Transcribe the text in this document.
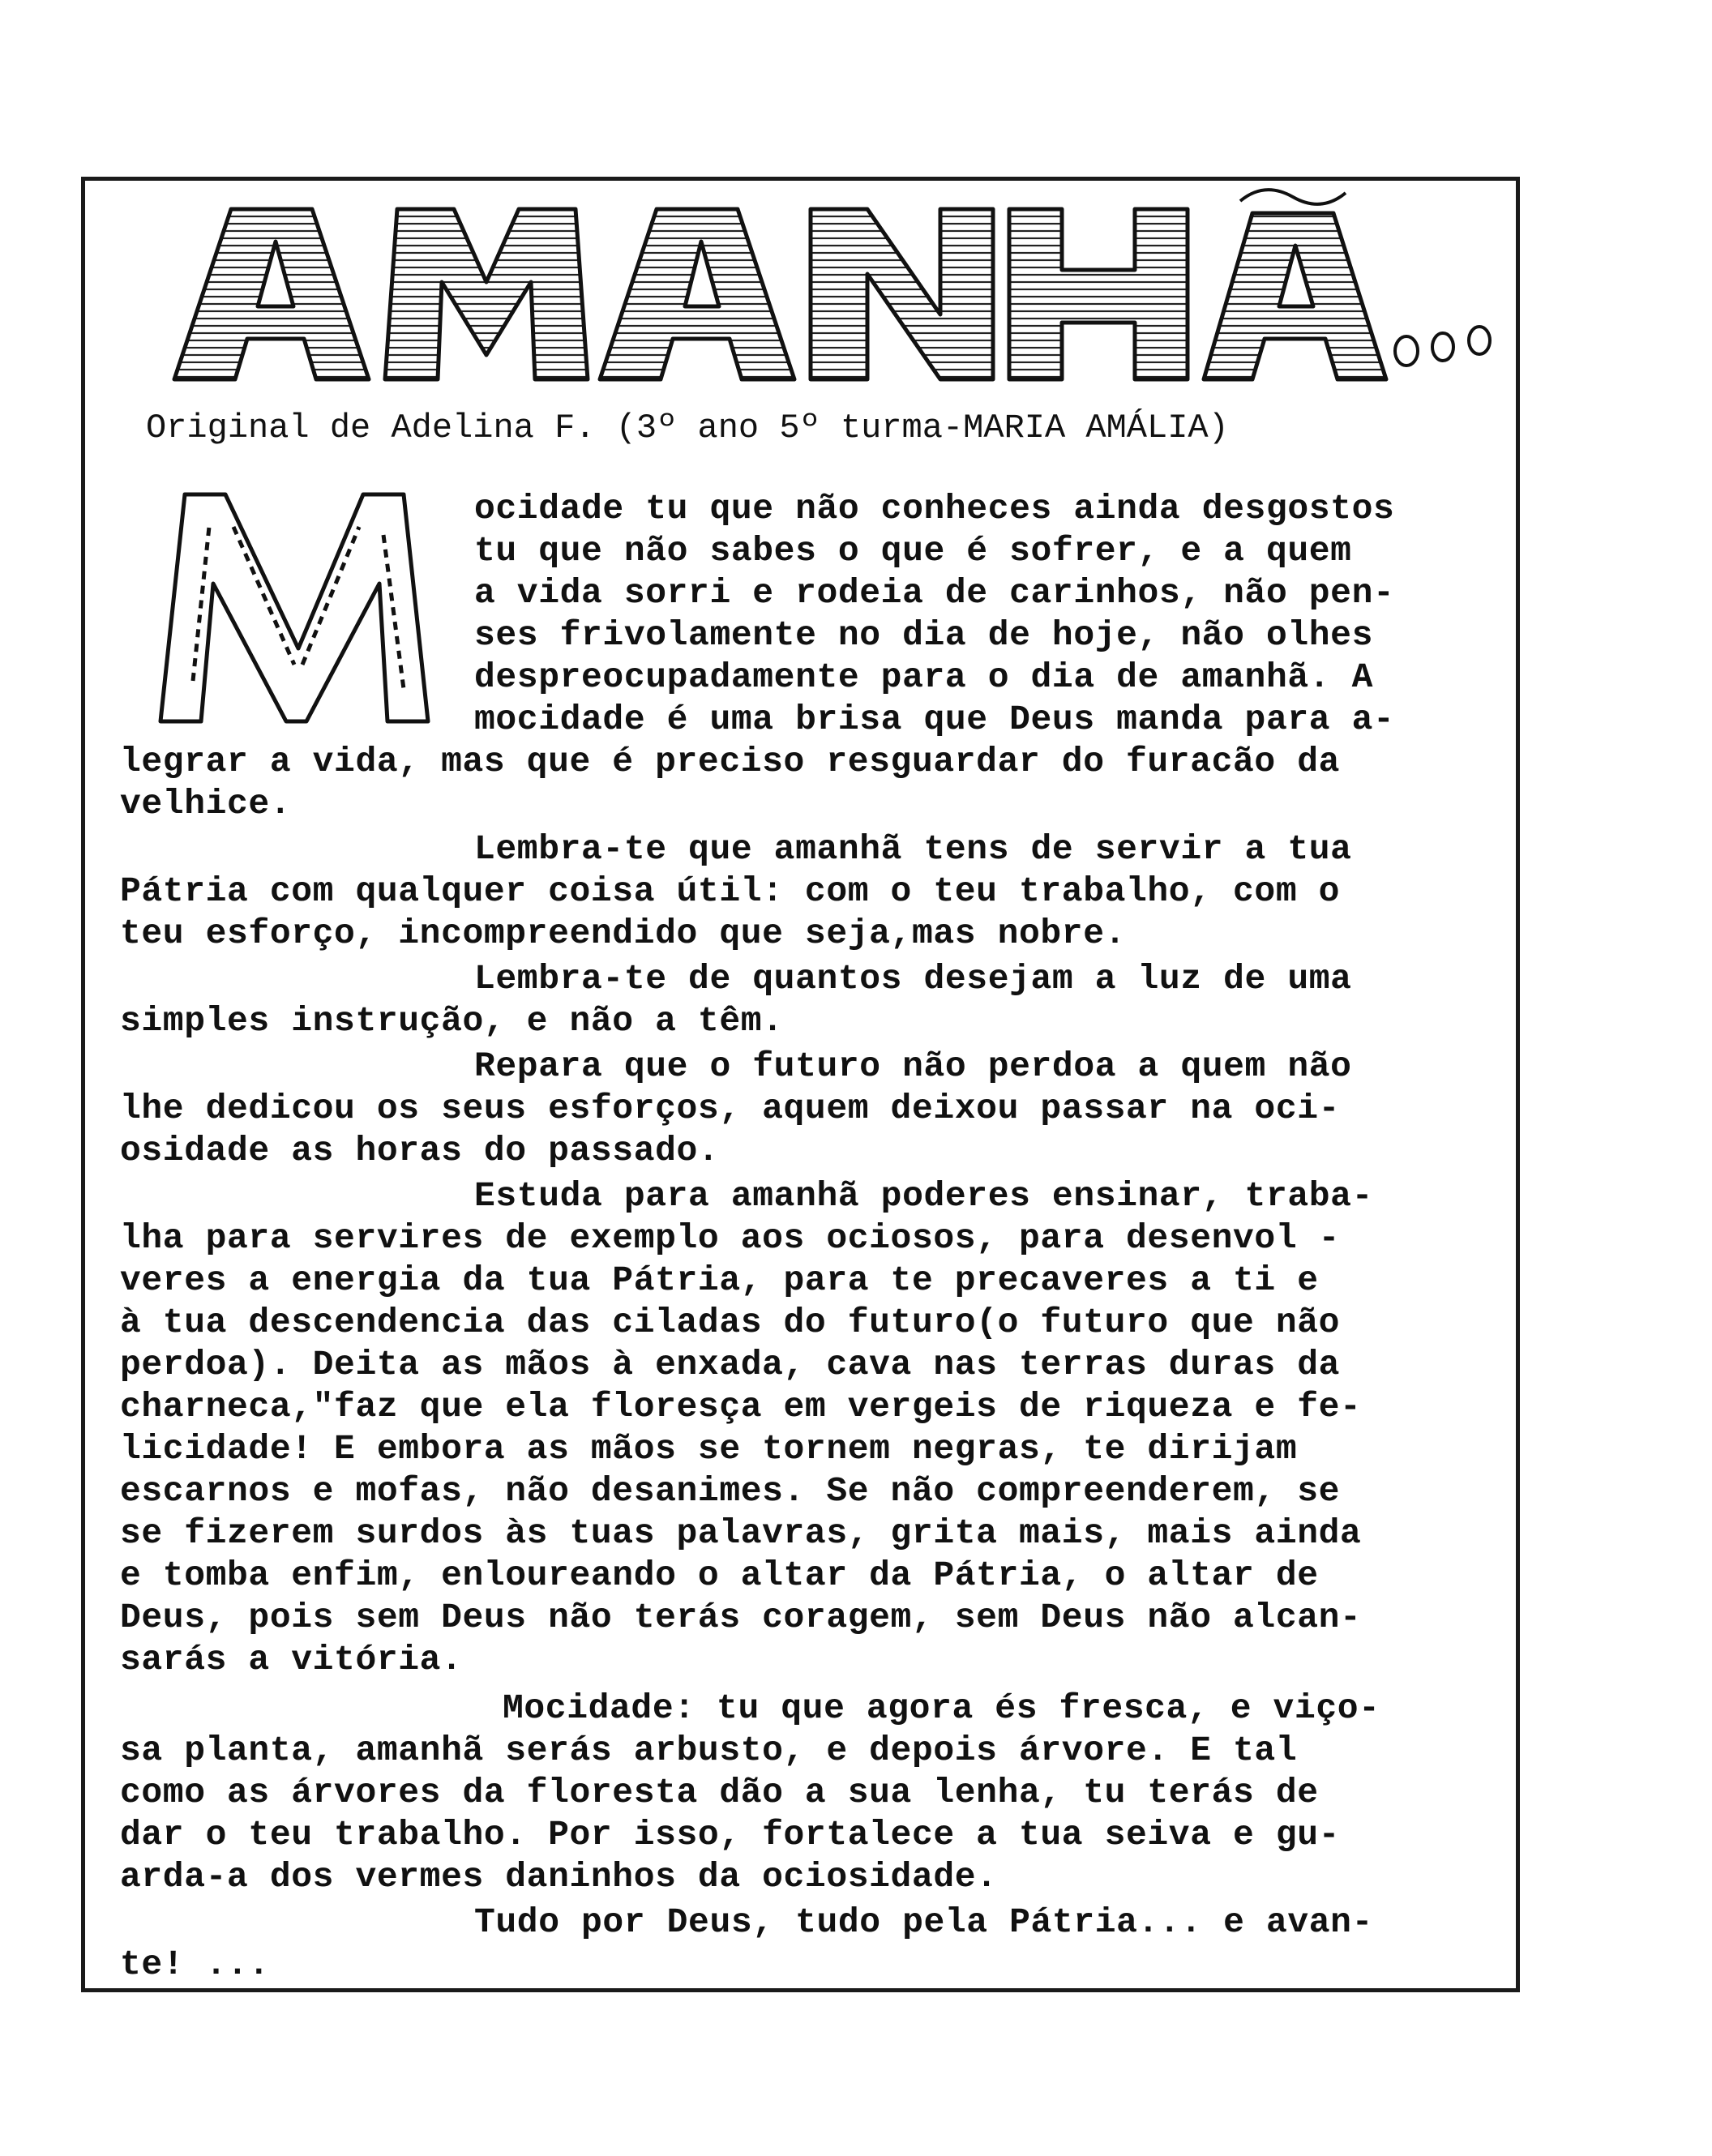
Original de Adelina F. (3º ano 5º turma-MARIA AMÁLIA)
ocidade tu que não conheces ainda desgostos
tu que não sabes o que é sofrer, e a quem
a vida sorri e rodeia de carinhos, não pen-
ses frivolamente no dia de hoje, não olhes
despreocupadamente para o dia de amanhã. A
mocidade é uma brisa que Deus manda para a-
legrar a vida, mas que é preciso resguardar do furacão da
velhice.
Lembra-te que amanhã tens de servir a tua
Pátria com qualquer coisa útil: com o teu trabalho, com o
teu esforço, incompreendido que seja,mas nobre.
Lembra-te de quantos desejam a luz de uma
simples instrução, e não a têm.
Repara que o futuro não perdoa a quem não
lhe dedicou os seus esforços, aquem deixou passar na oci-
osidade as horas do passado.
Estuda para amanhã poderes ensinar, traba-
lha para servires de exemplo aos ociosos, para desenvol -
veres a energia da tua Pátria, para te precaveres a ti e
à tua descendencia das ciladas do futuro(o futuro que não
perdoa). Deita as mãos à enxada, cava nas terras duras da
charneca,"faz que ela floresça em vergeis de riqueza e fe-
licidade! E embora as mãos se tornem negras, te dirijam
escarnos e mofas, não desanimes. Se não compreenderem, se
se fizerem surdos às tuas palavras, grita mais, mais ainda
e tomba enfim, enloureando o altar da Pátria, o altar de
Deus, pois sem Deus não terás coragem, sem Deus não alcan-
sarás a vitória.
Mocidade: tu que agora és fresca, e viço-
sa planta, amanhã serás arbusto, e depois árvore. E tal
como as árvores da floresta dão a sua lenha, tu terás de
dar o teu trabalho. Por isso, fortalece a tua seiva e gu-
arda-a dos vermes daninhos da ociosidade.
Tudo por Deus, tudo pela Pátria... e avan-
te! ...
